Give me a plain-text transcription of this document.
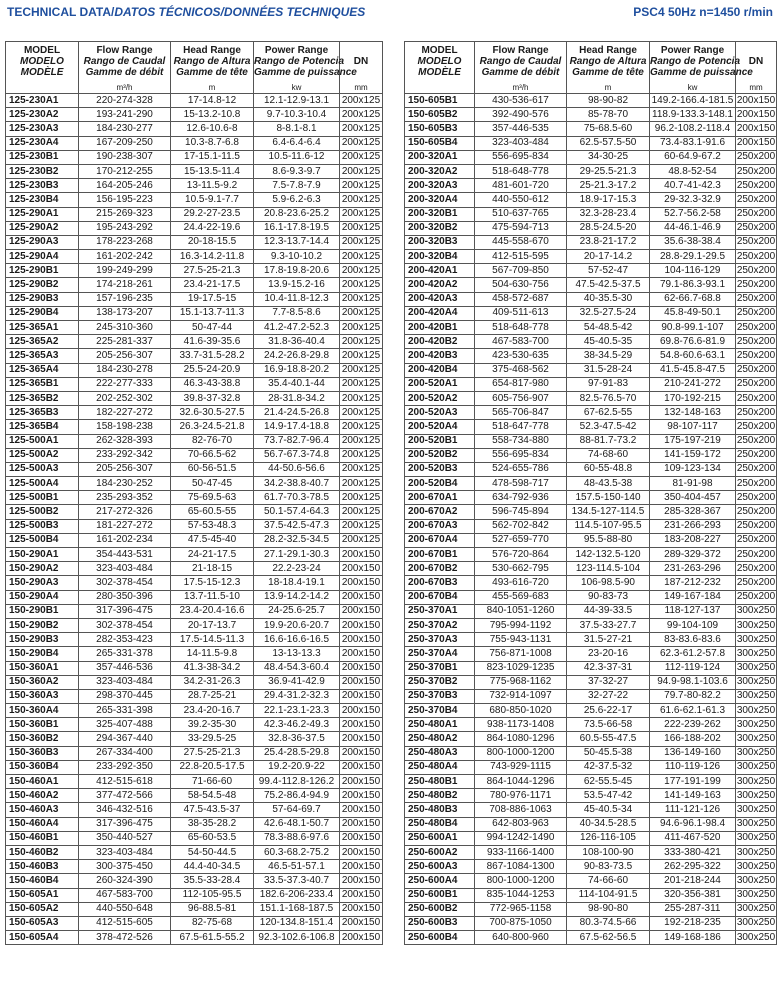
TECHNICAL DATA/DATOS TÉCNICOS/DONNÉES TECHNIQUES	PSC4 50Hz n=1450 r/min
MODEL
MODELO
MODÈLE	Flow Range
Rango de Caudal
Gamme de débit	Head Range
Rango de Altura
Gamme de tête	Power Range
Rango de Potencia
Gamme de puissance	DN
	m³/h	m	kw	mm
125-230A1	220-274-328	17-14.8-12	12.1-12.9-13.1	200x125
125-230A2	193-241-290	15-13.2-10.8	9.7-10.3-10.4	200x125
125-230A3	184-230-277	12.6-10.6-8	8-8.1-8.1	200x125
125-230A4	167-209-250	10.3-8.7-6.8	6.4-6.4-6.4	200x125
125-230B1	190-238-307	17-15.1-11.5	10.5-11.6-12	200x125
125-230B2	170-212-255	15-13.5-11.4	8.6-9.3-9.7	200x125
125-230B3	164-205-246	13-11.5-9.2	7.5-7.8-7.9	200x125
125-230B4	156-195-223	10.5-9.1-7.7	5.9-6.2-6.3	200x125
125-290A1	215-269-323	29.2-27-23.5	20.8-23.6-25.2	200x125
125-290A2	195-243-292	24.4-22-19.6	16.1-17.8-19.5	200x125
125-290A3	178-223-268	20-18-15.5	12.3-13.7-14.4	200x125
125-290A4	161-202-242	16.3-14.2-11.8	9.3-10-10.2	200x125
125-290B1	199-249-299	27.5-25-21.3	17.8-19.8-20.6	200x125
125-290B2	174-218-261	23.4-21-17.5	13.9-15.2-16	200x125
125-290B3	157-196-235	19-17.5-15	10.4-11.8-12.3	200x125
125-290B4	138-173-207	15.1-13.7-11.3	7.7-8.5-8.6	200x125
125-365A1	245-310-360	50-47-44	41.2-47.2-52.3	200x125
125-365A2	225-281-337	41.6-39-35.6	31.8-36-40.4	200x125
125-365A3	205-256-307	33.7-31.5-28.2	24.2-26.8-29.8	200x125
125-365A4	184-230-278	25.5-24-20.9	16.9-18.8-20.2	200x125
125-365B1	222-277-333	46.3-43-38.8	35.4-40.1-44	200x125
125-365B2	202-252-302	39.8-37-32.8	28-31.8-34.2	200x125
125-365B3	182-227-272	32.6-30.5-27.5	21.4-24.5-26.8	200x125
125-365B4	158-198-238	26.3-24.5-21.8	14.9-17.4-18.8	200x125
125-500A1	262-328-393	82-76-70	73.7-82.7-96.4	200x125
125-500A2	233-292-342	70-66.5-62	56.7-67.3-74.8	200x125
125-500A3	205-256-307	60-56-51.5	44-50.6-56.6	200x125
125-500A4	184-230-252	50-47-45	34.2-38.8-40.7	200x125
125-500B1	235-293-352	75-69.5-63	61.7-70.3-78.5	200x125
125-500B2	217-272-326	65-60.5-55	50.1-57.4-64.3	200x125
125-500B3	181-227-272	57-53-48.3	37.5-42.5-47.3	200x125
125-500B4	161-202-234	47.5-45-40	28.2-32.5-34.5	200x125
150-290A1	354-443-531	24-21-17.5	27.1-29.1-30.3	200x150
150-290A2	323-403-484	21-18-15	22.2-23-24	200x150
150-290A3	302-378-454	17.5-15-12.3	18-18.4-19.1	200x150
150-290A4	280-350-396	13.7-11.5-10	13.9-14.2-14.2	200x150
150-290B1	317-396-475	23.4-20.4-16.6	24-25.6-25.7	200x150
150-290B2	302-378-454	20-17-13.7	19.9-20.6-20.7	200x150
150-290B3	282-353-423	17.5-14.5-11.3	16.6-16.6-16.5	200x150
150-290B4	265-331-378	14-11.5-9.8	13-13-13.3	200x150
150-360A1	357-446-536	41.3-38-34.2	48.4-54.3-60.4	200x150
150-360A2	323-403-484	34.2-31-26.3	36.9-41-42.9	200x150
150-360A3	298-370-445	28.7-25-21	29.4-31.2-32.3	200x150
150-360A4	265-331-398	23.4-20-16.7	22.1-23.1-23.3	200x150
150-360B1	325-407-488	39.2-35-30	42.3-46.2-49.3	200x150
150-360B2	294-367-440	33-29.5-25	32.8-36-37.5	200x150
150-360B3	267-334-400	27.5-25-21.3	25.4-28.5-29.8	200x150
150-360B4	233-292-350	22.8-20.5-17.5	19.2-20.9-22	200x150
150-460A1	412-515-618	71-66-60	99.4-112.8-126.2	200x150
150-460A2	377-472-566	58-54.5-48	75.2-86.4-94.9	200x150
150-460A3	346-432-516	47.5-43.5-37	57-64-69.7	200x150
150-460A4	317-396-475	38-35-28.2	42.6-48.1-50.7	200x150
150-460B1	350-440-527	65-60-53.5	78.3-88.6-97.6	200x150
150-460B2	323-403-484	54-50-44.5	60.3-68.2-75.2	200x150
150-460B3	300-375-450	44.4-40-34.5	46.5-51-57.1	200x150
150-460B4	260-324-390	35.5-33-28.4	33.5-37.3-40.7	200x150
150-605A1	467-583-700	112-105-95.5	182.6-206-233.4	200x150
150-605A2	440-550-648	96-88.5-81	151.1-168-187.5	200x150
150-605A3	412-515-605	82-75-68	120-134.8-151.4	200x150
150-605A4	378-472-526	67.5-61.5-55.2	92.3-102.6-106.8	200x150
MODEL
MODELO
MODÈLE	Flow Range
Rango de Caudal
Gamme de débit	Head Range
Rango de Altura
Gamme de tête	Power Range
Rango de Potencia
Gamme de puissance	DN
	m³/h	m	kw	mm
150-605B1	430-536-617	98-90-82	149.2-166.4-181.5	200x150
150-605B2	392-490-576	85-78-70	118.9-133.3-148.1	200x150
150-605B3	357-446-535	75-68.5-60	96.2-108.2-118.4	200x150
150-605B4	323-403-484	62.5-57.5-50	73.4-83.1-91.6	200x150
200-320A1	556-695-834	34-30-25	60-64.9-67.2	250x200
200-320A2	518-648-778	29-25.5-21.3	48.8-52-54	250x200
200-320A3	481-601-720	25-21.3-17.2	40.7-41-42.3	250x200
200-320A4	440-550-612	18.9-17-15.3	29-32.3-32.9	250x200
200-320B1	510-637-765	32.3-28-23.4	52.7-56.2-58	250x200
200-320B2	475-594-713	28.5-24.5-20	44-46.1-46.9	250x200
200-320B3	445-558-670	23.8-21-17.2	35.6-38-38.4	250x200
200-320B4	412-515-595	20-17-14.2	28.8-29.1-29.5	250x200
200-420A1	567-709-850	57-52-47	104-116-129	250x200
200-420A2	504-630-756	47.5-42.5-37.5	79.1-86.3-93.1	250x200
200-420A3	458-572-687	40-35.5-30	62-66.7-68.8	250x200
200-420A4	409-511-613	32.5-27.5-24	45.8-49-50.1	250x200
200-420B1	518-648-778	54-48.5-42	90.8-99.1-107	250x200
200-420B2	467-583-700	45-40.5-35	69.8-76.6-81.9	250x200
200-420B3	423-530-635	38-34.5-29	54.8-60.6-63.1	250x200
200-420B4	375-468-562	31.5-28-24	41.5-45.8-47.5	250x200
200-520A1	654-817-980	97-91-83	210-241-272	250x200
200-520A2	605-756-907	82.5-76.5-70	170-192-215	250x200
200-520A3	565-706-847	67-62.5-55	132-148-163	250x200
200-520A4	518-647-778	52.3-47.5-42	98-107-117	250x200
200-520B1	558-734-880	88-81.7-73.2	175-197-219	250x200
200-520B2	556-695-834	74-68-60	141-159-172	250x200
200-520B3	524-655-786	60-55-48.8	109-123-134	250x200
200-520B4	478-598-717	48-43.5-38	81-91-98	250x200
200-670A1	634-792-936	157.5-150-140	350-404-457	250x200
200-670A2	596-745-894	134.5-127-114.5	285-328-367	250x200
200-670A3	562-702-842	114.5-107-95.5	231-266-293	250x200
200-670A4	527-659-770	95.5-88-80	183-208-227	250x200
200-670B1	576-720-864	142-132.5-120	289-329-372	250x200
200-670B2	530-662-795	123-114.5-104	231-263-296	250x200
200-670B3	493-616-720	106-98.5-90	187-212-232	250x200
200-670B4	455-569-683	90-83-73	149-167-184	250x200
250-370A1	840-1051-1260	44-39-33.5	118-127-137	300x250
250-370A2	795-994-1192	37.5-33-27.7	99-104-109	300x250
250-370A3	755-943-1131	31.5-27-21	83-83.6-83.6	300x250
250-370A4	756-871-1008	23-20-16	62.3-61.2-57.8	300x250
250-370B1	823-1029-1235	42.3-37-31	112-119-124	300x250
250-370B2	775-968-1162	37-32-27	94.9-98.1-103.6	300x250
250-370B3	732-914-1097	32-27-22	79.7-80-82.2	300x250
250-370B4	680-850-1020	25.6-22-17	61.6-62.1-61.3	300x250
250-480A1	938-1173-1408	73.5-66-58	222-239-262	300x250
250-480A2	864-1080-1296	60.5-55-47.5	166-188-202	300x250
250-480A3	800-1000-1200	50-45.5-38	136-149-160	300x250
250-480A4	743-929-1115	42-37.5-32	110-119-126	300x250
250-480B1	864-1044-1296	62-55.5-45	177-191-199	300x250
250-480B2	780-976-1171	53.5-47-42	141-149-163	300x250
250-480B3	708-886-1063	45-40.5-34	111-121-126	300x250
250-480B4	642-803-963	40-34.5-28.5	94.6-96.1-98.4	300x250
250-600A1	994-1242-1490	126-116-105	411-467-520	300x250
250-600A2	933-1166-1400	108-100-90	333-380-421	300x250
250-600A3	867-1084-1300	90-83-73.5	262-295-322	300x250
250-600A4	800-1000-1200	74-66-60	201-218-244	300x250
250-600B1	835-1044-1253	114-104-91.5	320-356-381	300x250
250-600B2	772-965-1158	98-90-80	255-287-311	300x250
250-600B3	700-875-1050	80.3-74.5-66	192-218-235	300x250
250-600B4	640-800-960	67.5-62-56.5	149-168-186	300x250
